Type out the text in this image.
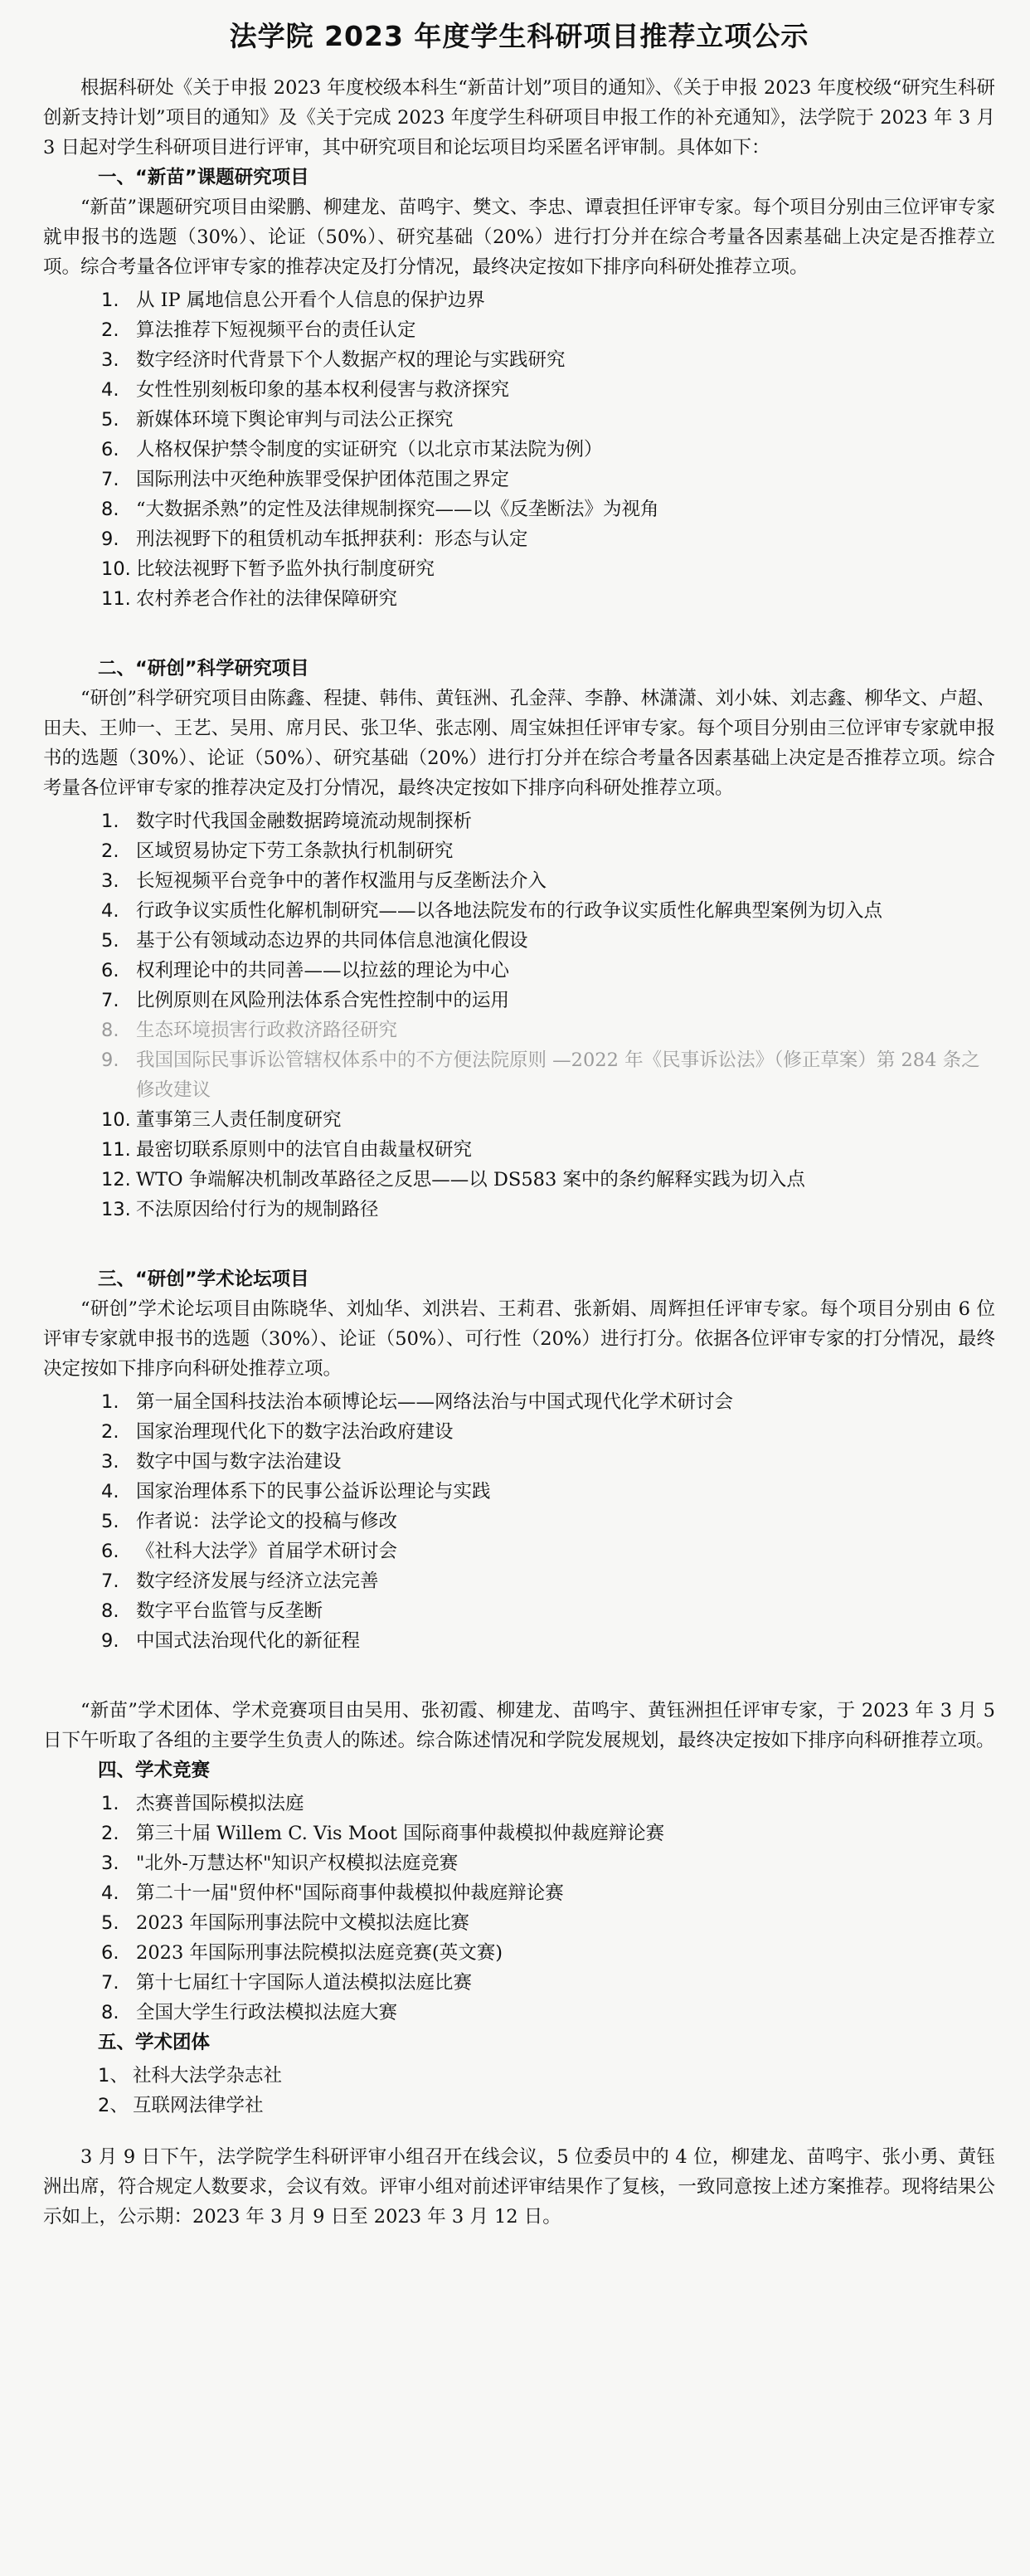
法学院 2023 年度学生科研项目推荐立项公示

根据科研处《关于申报 2023 年度校级本科生“新苗计划”项目的通知》、《关于申报 2023 年度校级“研究生科研创新支持计划”项目的通知》及《关于完成 2023 年度学生科研项目申报工作的补充通知》，法学院于 2023 年 3 月 3 日起对学生科研项目进行评审，其中研究项目和论坛项目均采匿名评审制。具体如下：

一、“新苗”课题研究项目

“新苗”课题研究项目由梁鹏、柳建龙、苗鸣宇、樊文、李忠、谭袁担任评审专家。每个项目分别由三位评审专家就申报书的选题（30%）、论证（50%）、研究基础（20%）进行打分并在综合考量各因素基础上决定是否推荐立项。综合考量各位评审专家的推荐决定及打分情况，最终决定按如下排序向科研处推荐立项。

1. 从 IP 属地信息公开看个人信息的保护边界
2. 算法推荐下短视频平台的责任认定
3. 数字经济时代背景下个人数据产权的理论与实践研究
4. 女性性别刻板印象的基本权利侵害与救济探究
5. 新媒体环境下舆论审判与司法公正探究
6. 人格权保护禁令制度的实证研究（以北京市某法院为例）
7. 国际刑法中灭绝种族罪受保护团体范围之界定
8. “大数据杀熟”的定性及法律规制探究——以《反垄断法》为视角
9. 刑法视野下的租赁机动车抵押获利：形态与认定
10. 比较法视野下暂予监外执行制度研究
11. 农村养老合作社的法律保障研究
二、“研创”科学研究项目

“研创”科学研究项目由陈鑫、程捷、韩伟、黄钰洲、孔金萍、李静、林潇潇、刘小妹、刘志鑫、柳华文、卢超、田夫、王帅一、王艺、吴用、席月民、张卫华、张志刚、周宝妹担任评审专家。每个项目分别由三位评审专家就申报书的选题（30%）、论证（50%）、研究基础（20%）进行打分并在综合考量各因素基础上决定是否推荐立项。综合考量各位评审专家的推荐决定及打分情况，最终决定按如下排序向科研处推荐立项。

1. 数字时代我国金融数据跨境流动规制探析
2. 区域贸易协定下劳工条款执行机制研究
3. 长短视频平台竞争中的著作权滥用与反垄断法介入
4. 行政争议实质性化解机制研究——以各地法院发布的行政争议实质性化解典型案例为切入点
5. 基于公有领域动态边界的共同体信息池演化假设
6. 权利理论中的共同善——以拉兹的理论为中心
7. 比例原则在风险刑法体系合宪性控制中的运用
8. 生态环境损害行政救济路径研究
9. 我国国际民事诉讼管辖权体系中的不方便法院原则 —2022 年《民事诉讼法》（修正草案）第 284 条之修改建议
10. 董事第三人责任制度研究
11. 最密切联系原则中的法官自由裁量权研究
12. WTO 争端解决机制改革路径之反思——以 DS583 案中的条约解释实践为切入点
13. 不法原因给付行为的规制路径
三、“研创”学术论坛项目

“研创”学术论坛项目由陈晓华、刘灿华、刘洪岩、王莉君、张新娟、周辉担任评审专家。每个项目分别由 6 位评审专家就申报书的选题（30%）、论证（50%）、可行性（20%）进行打分。依据各位评审专家的打分情况，最终决定按如下排序向科研处推荐立项。

1. 第一届全国科技法治本硕博论坛——网络法治与中国式现代化学术研讨会
2. 国家治理现代化下的数字法治政府建设
3. 数字中国与数字法治建设
4. 国家治理体系下的民事公益诉讼理论与实践
5. 作者说：法学论文的投稿与修改
6. 《社科大法学》首届学术研讨会
7. 数字经济发展与经济立法完善
8. 数字平台监管与反垄断
9. 中国式法治现代化的新征程

“新苗”学术团体、学术竞赛项目由吴用、张初霞、柳建龙、苗鸣宇、黄钰洲担任评审专家，于 2023 年 3 月 5 日下午听取了各组的主要学生负责人的陈述。综合陈述情况和学院发展规划，最终决定按如下排序向科研推荐立项。

四、学术竞赛
1. 杰赛普国际模拟法庭
2. 第三十届 Willem C. Vis Moot 国际商事仲裁模拟仲裁庭辩论赛
3. "北外-万慧达杯"知识产权模拟法庭竞赛
4. 第二十一届"贸仲杯"国际商事仲裁模拟仲裁庭辩论赛
5. 2023 年国际刑事法院中文模拟法庭比赛
6. 2023 年国际刑事法院模拟法庭竞赛(英文赛)
7. 第十七届红十字国际人道法模拟法庭比赛
8. 全国大学生行政法模拟法庭大赛
五、学术团体
1、 社科大法学杂志社
2、 互联网法律学社

3 月 9 日下午，法学院学生科研评审小组召开在线会议，5 位委员中的 4 位，柳建龙、苗鸣宇、张小勇、黄钰洲出席，符合规定人数要求，会议有效。评审小组对前述评审结果作了复核，一致同意按上述方案推荐。现将结果公示如上，公示期：2023 年 3 月 9 日至 2023 年 3 月 12 日。
